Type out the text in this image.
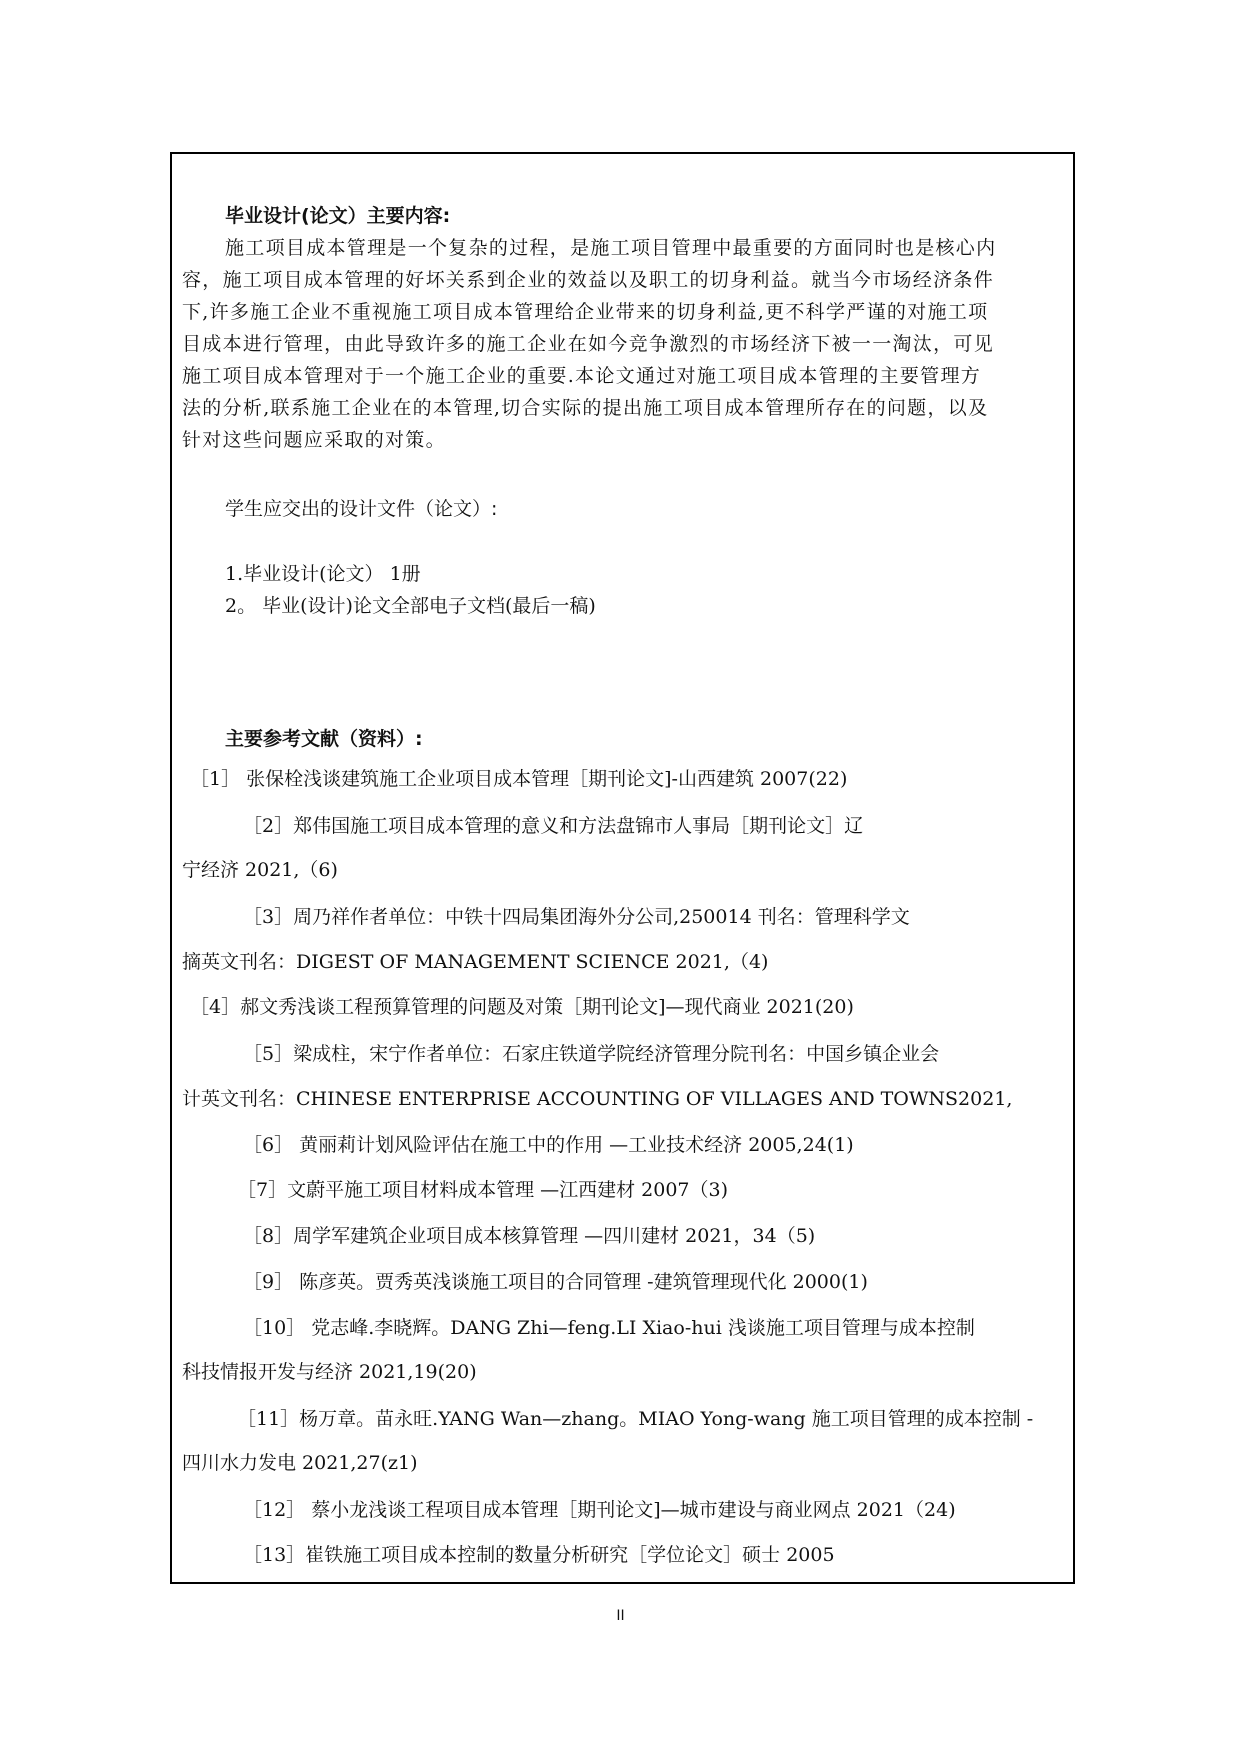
毕业设计(论文）主要内容:
施工项目成本管理是一个复杂的过程，是施工项目管理中最重要的方面同时也是核心内
容，施工项目成本管理的好坏关系到企业的效益以及职工的切身利益。就当今市场经济条件
下,许多施工企业不重视施工项目成本管理给企业带来的切身利益,更不科学严谨的对施工项
目成本进行管理，由此导致许多的施工企业在如今竞争激烈的市场经济下被一一淘汰，可见
施工项目成本管理对于一个施工企业的重要.本论文通过对施工项目成本管理的主要管理方
法的分析,联系施工企业在的本管理,切合实际的提出施工项目成本管理所存在的问题，以及
针对这些问题应采取的对策。
学生应交出的设计文件（论文）:
1.毕业设计(论文） 1册
2。 毕业(设计)论文全部电子文档(最后一稿)
主要参考文献（资料）:
［1］ 张保栓浅谈建筑施工企业项目成本管理［期刊论文]-山西建筑 2007(22)
［2］郑伟国施工项目成本管理的意义和方法盘锦市人事局［期刊论文］辽
宁经济 2021,（6)
［3］周乃祥作者单位：中铁十四局集团海外分公司,250014 刊名：管理科学文
摘英文刊名：DIGEST OF MANAGEMENT SCIENCE 2021,（4)
［4］郝文秀浅谈工程预算管理的问题及对策［期刊论文]—现代商业 2021(20)
［5］梁成柱，宋宁作者单位：石家庄铁道学院经济管理分院刊名：中国乡镇企业会
计英文刊名：CHINESE ENTERPRISE ACCOUNTING OF VILLAGES AND TOWNS2021,
［6］ 黄丽莉计划风险评估在施工中的作用 —工业技术经济 2005,24(1)
［7］文蔚平施工项目材料成本管理 —江西建材 2007（3)
［8］周学军建筑企业项目成本核算管理 —四川建材 2021，34（5)
［9］ 陈彦英。贾秀英浅谈施工项目的合同管理 -建筑管理现代化 2000(1)
［10］ 党志峰.李晓辉。DANG Zhi—feng.LI Xiao-hui 浅谈施工项目管理与成本控制
科技情报开发与经济 2021,19(20)
［11］杨万章。苗永旺.YANG Wan—zhang。MIAO Yong-wang 施工项目管理的成本控制 -
四川水力发电 2021,27(z1)
［12］ 蔡小龙浅谈工程项目成本管理［期刊论文]—城市建设与商业网点 2021（24)
［13］崔铁施工项目成本控制的数量分析研究［学位论文］硕士 2005
II
